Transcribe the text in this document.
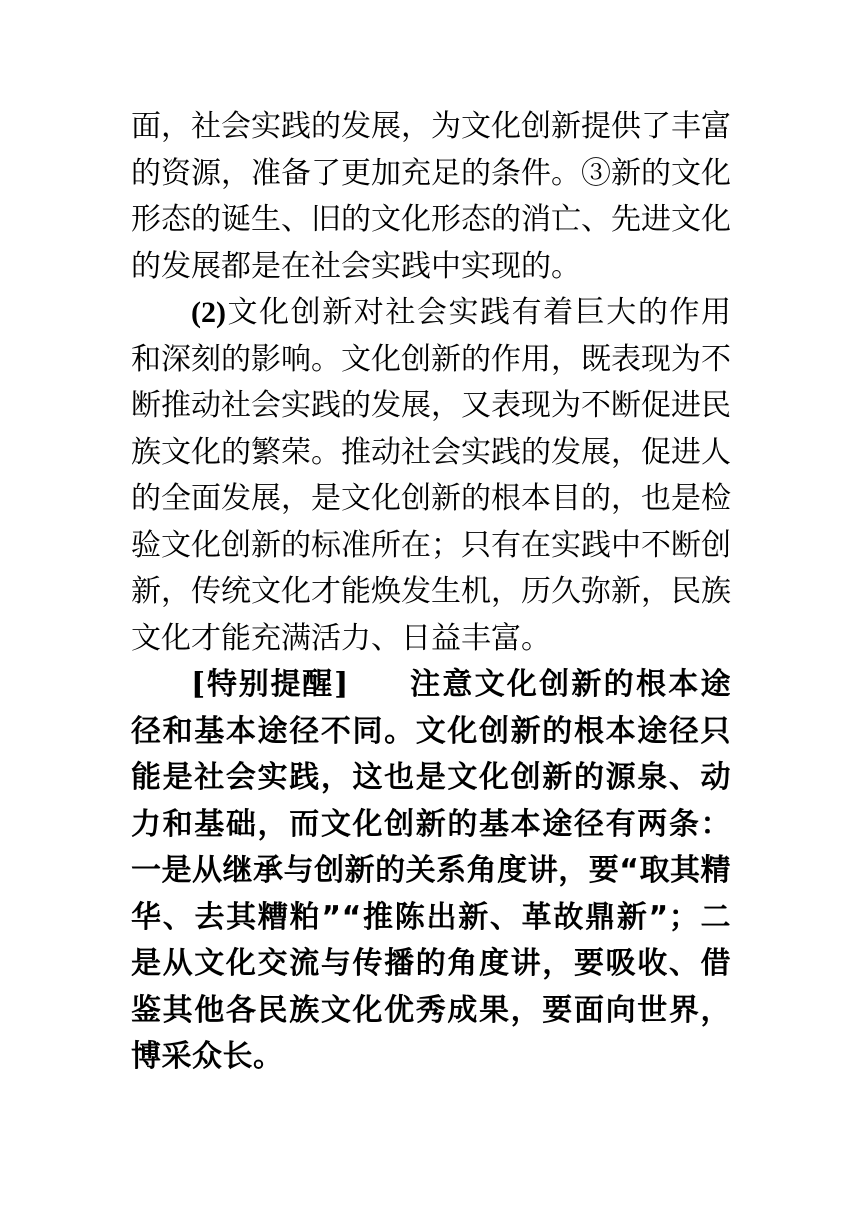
面，社会实践的发展，为文化创新提供了丰富的资源，准备了更加充足的条件。③新的文化形态的诞生、旧的文化形态的消亡、先进文化的发展都是在社会实践中实现的。

(2)文化创新对社会实践有着巨大的作用和深刻的影响。文化创新的作用，既表现为不断推动社会实践的发展，又表现为不断促进民族文化的繁荣。推动社会实践的发展，促进人的全面发展，是文化创新的根本目的，也是检验文化创新的标准所在；只有在实践中不断创新，传统文化才能焕发生机，历久弥新，民族文化才能充满活力、日益丰富。

[特别提醒] 注意文化创新的根本途径和基本途径不同。文化创新的根本途径只能是社会实践，这也是文化创新的源泉、动力和基础，而文化创新的基本途径有两条：一是从继承与创新的关系角度讲，要“取其精华、去其糟粕”“推陈出新、革故鼎新”；二是从文化交流与传播的角度讲，要吸收、借鉴其他各民族文化优秀成果，要面向世界，博采众长。
